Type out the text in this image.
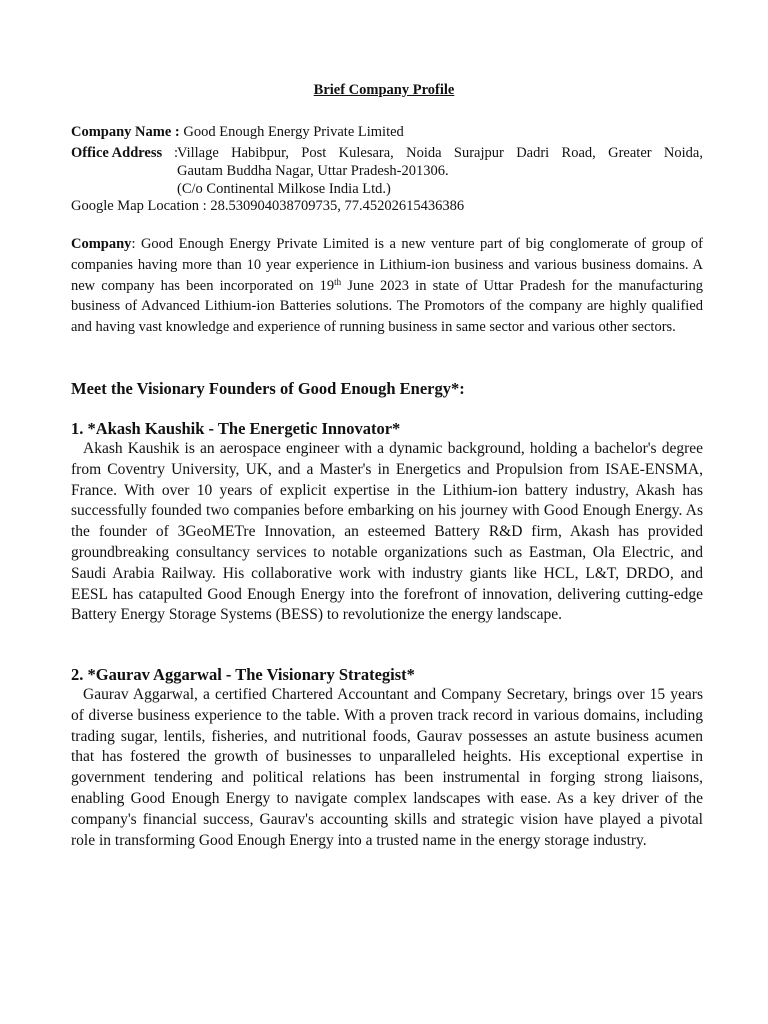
Brief Company Profile
Company Name : Good Enough Energy Private Limited
Office Address :
Village Habibpur, Post Kulesara, Noida Surajpur Dadri Road, Greater Noida,
Gautam Buddha Nagar, Uttar Pradesh-201306.
(C/o Continental Milkose India Ltd.)
Google Map Location : 28.530904038709735, 77.45202615436386
Company: Good Enough Energy Private Limited is a new venture part of big conglomerate of group of companies having more than 10 year experience in Lithium-ion business and various business domains. A new company has been incorporated on 19th June 2023 in state of Uttar Pradesh for the manufacturing business of Advanced Lithium-ion Batteries solutions. The Promotors of the company are highly qualified and having vast knowledge and experience of running business in same sector and various other sectors.
Meet the Visionary Founders of Good Enough Energy*:
1. *Akash Kaushik - The Energetic Innovator*

Akash Kaushik is an aerospace engineer with a dynamic background, holding a bachelor's degree from Coventry University, UK, and a Master's in Energetics and Propulsion from ISAE-ENSMA, France. With over 10 years of explicit expertise in the Lithium-ion battery industry, Akash has successfully founded two companies before embarking on his journey with Good Enough Energy. As the founder of 3GeoMETre Innovation, an esteemed Battery R&D firm, Akash has provided groundbreaking consultancy services to notable organizations such as Eastman, Ola Electric, and Saudi Arabia Railway. His collaborative work with industry giants like HCL, L&T, DRDO, and EESL has catapulted Good Enough Energy into the forefront of innovation, delivering cutting-edge Battery Energy Storage Systems (BESS) to revolutionize the energy landscape.

2. *Gaurav Aggarwal - The Visionary Strategist*

Gaurav Aggarwal, a certified Chartered Accountant and Company Secretary, brings over 15 years of diverse business experience to the table. With a proven track record in various domains, including trading sugar, lentils, fisheries, and nutritional foods, Gaurav possesses an astute business acumen that has fostered the growth of businesses to unparalleled heights. His exceptional expertise in government tendering and political relations has been instrumental in forging strong liaisons, enabling Good Enough Energy to navigate complex landscapes with ease. As a key driver of the company's financial success, Gaurav's accounting skills and strategic vision have played a pivotal role in transforming Good Enough Energy into a trusted name in the energy storage industry.
